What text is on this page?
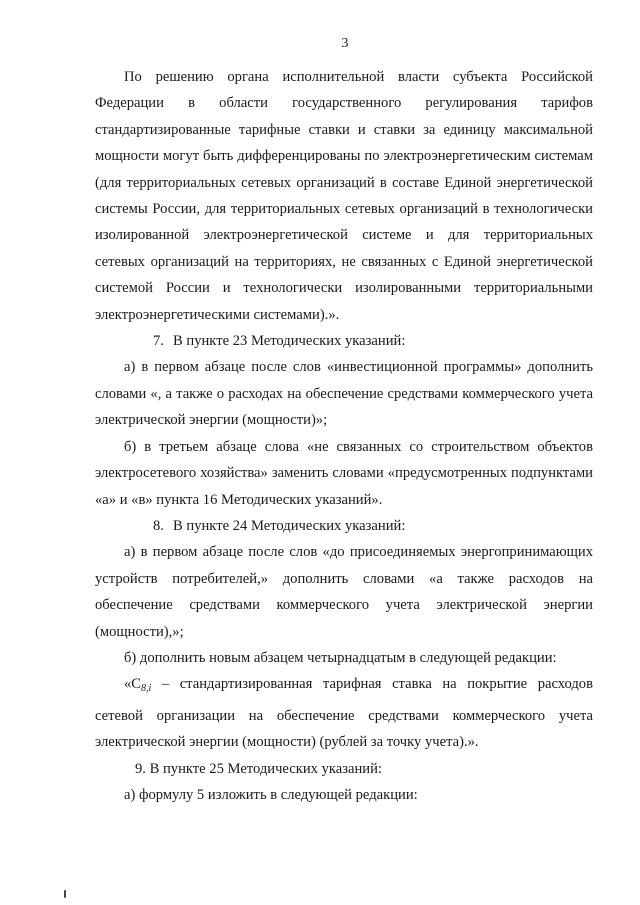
3

По решению органа исполнительной власти субъекта Российской Федерации в области государственного регулирования тарифов стандартизированные тарифные ставки и ставки за единицу максимальной мощности могут быть дифференцированы по электроэнергетическим системам (для территориальных сетевых организаций в составе Единой энергетической системы России, для территориальных сетевых организаций в технологически изолированной электроэнергетической системе и для территориальных сетевых организаций на территориях, не связанных с Единой энергетической системой России и технологически изолированными территориальными электроэнергетическими системами).».

7. В пункте 23 Методических указаний:

а) в первом абзаце после слов «инвестиционной программы» дополнить словами «, а также о расходах на обеспечение средствами коммерческого учета электрической энергии (мощности)»;

б) в третьем абзаце слова «не связанных со строительством объектов электросетевого хозяйства» заменить словами «предусмотренных подпунктами «а» и «в» пункта 16 Методических указаний».

8. В пункте 24 Методических указаний:

а) в первом абзаце после слов «до присоединяемых энергопринимающих устройств потребителей,» дополнить словами «а также расходов на обеспечение средствами коммерческого учета электрической энергии (мощности),»;

б) дополнить новым абзацем четырнадцатым в следующей редакции:

«$С_{8,i}$ – стандартизированная тарифная ставка на покрытие расходов сетевой организации на обеспечение средствами коммерческого учета электрической энергии (мощности) (рублей за точку учета).».

9. В пункте 25 Методических указаний:

а) формулу 5 изложить в следующей редакции:
